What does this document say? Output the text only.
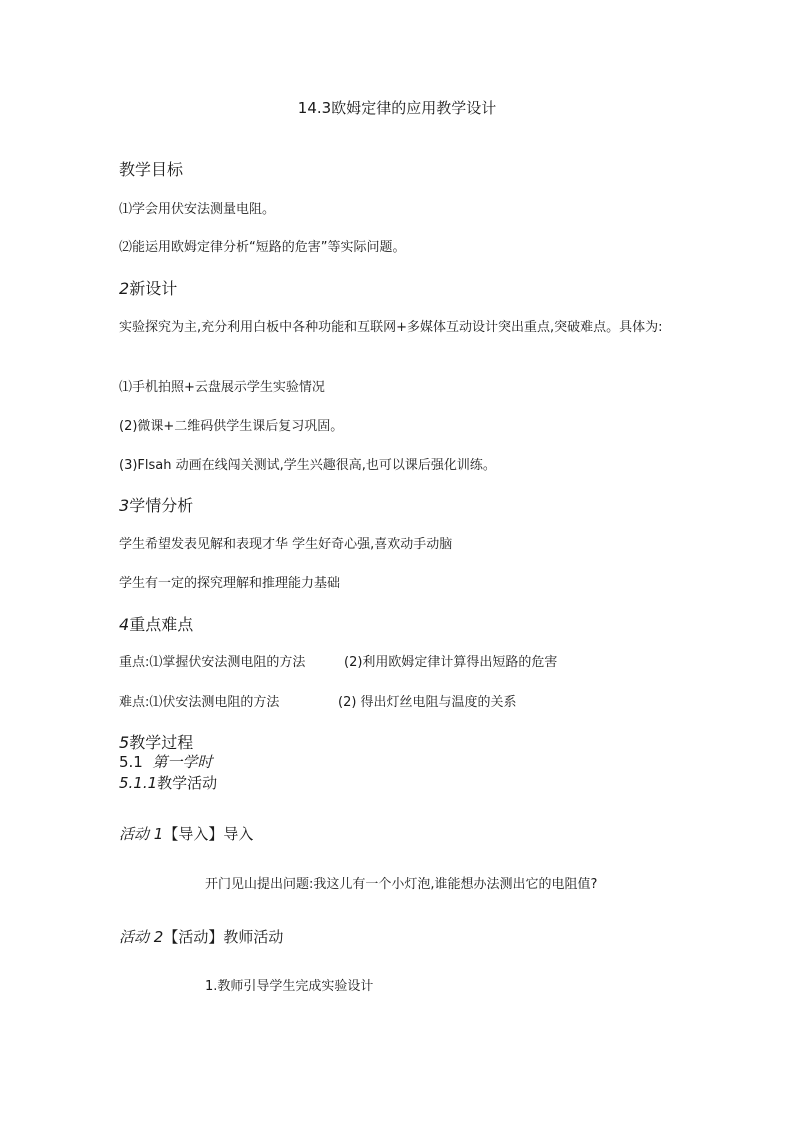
14.3欧姆定律的应用教学设计
教学目标
⑴学会用伏安法测量电阻。
⑵能运用欧姆定律分析“短路的危害”等实际问题。
2新设计
实验探究为主,充分利用白板中各种功能和互联网+多媒体互动设计突出重点,突破难点。具体为:
⑴手机拍照+云盘展示学生实验情况
(2)微课+二维码供学生课后复习巩固。
(3)Flsah 动画在线闯关测试,学生兴趣很高,也可以课后强化训练。
3学情分析
学生希望发表见解和表现才华 学生好奇心强,喜欢动手动脑
学生有一定的探究理解和推理能力基础
4重点难点
重点:⑴掌握伏安法测电阻的方法	(2)利用欧姆定律计算得出短路的危害
难点:⑴伏安法测电阻的方法	(2) 得出灯丝电阻与温度的关系
5教学过程
5.1 第一学时
5.1.1教学活动
活动 1【导入】导入
开门见山提出问题:我这儿有一个小灯泡,谁能想办法测出它的电阻值?
活动 2【活动】教师活动
1.教师引导学生完成实验设计
